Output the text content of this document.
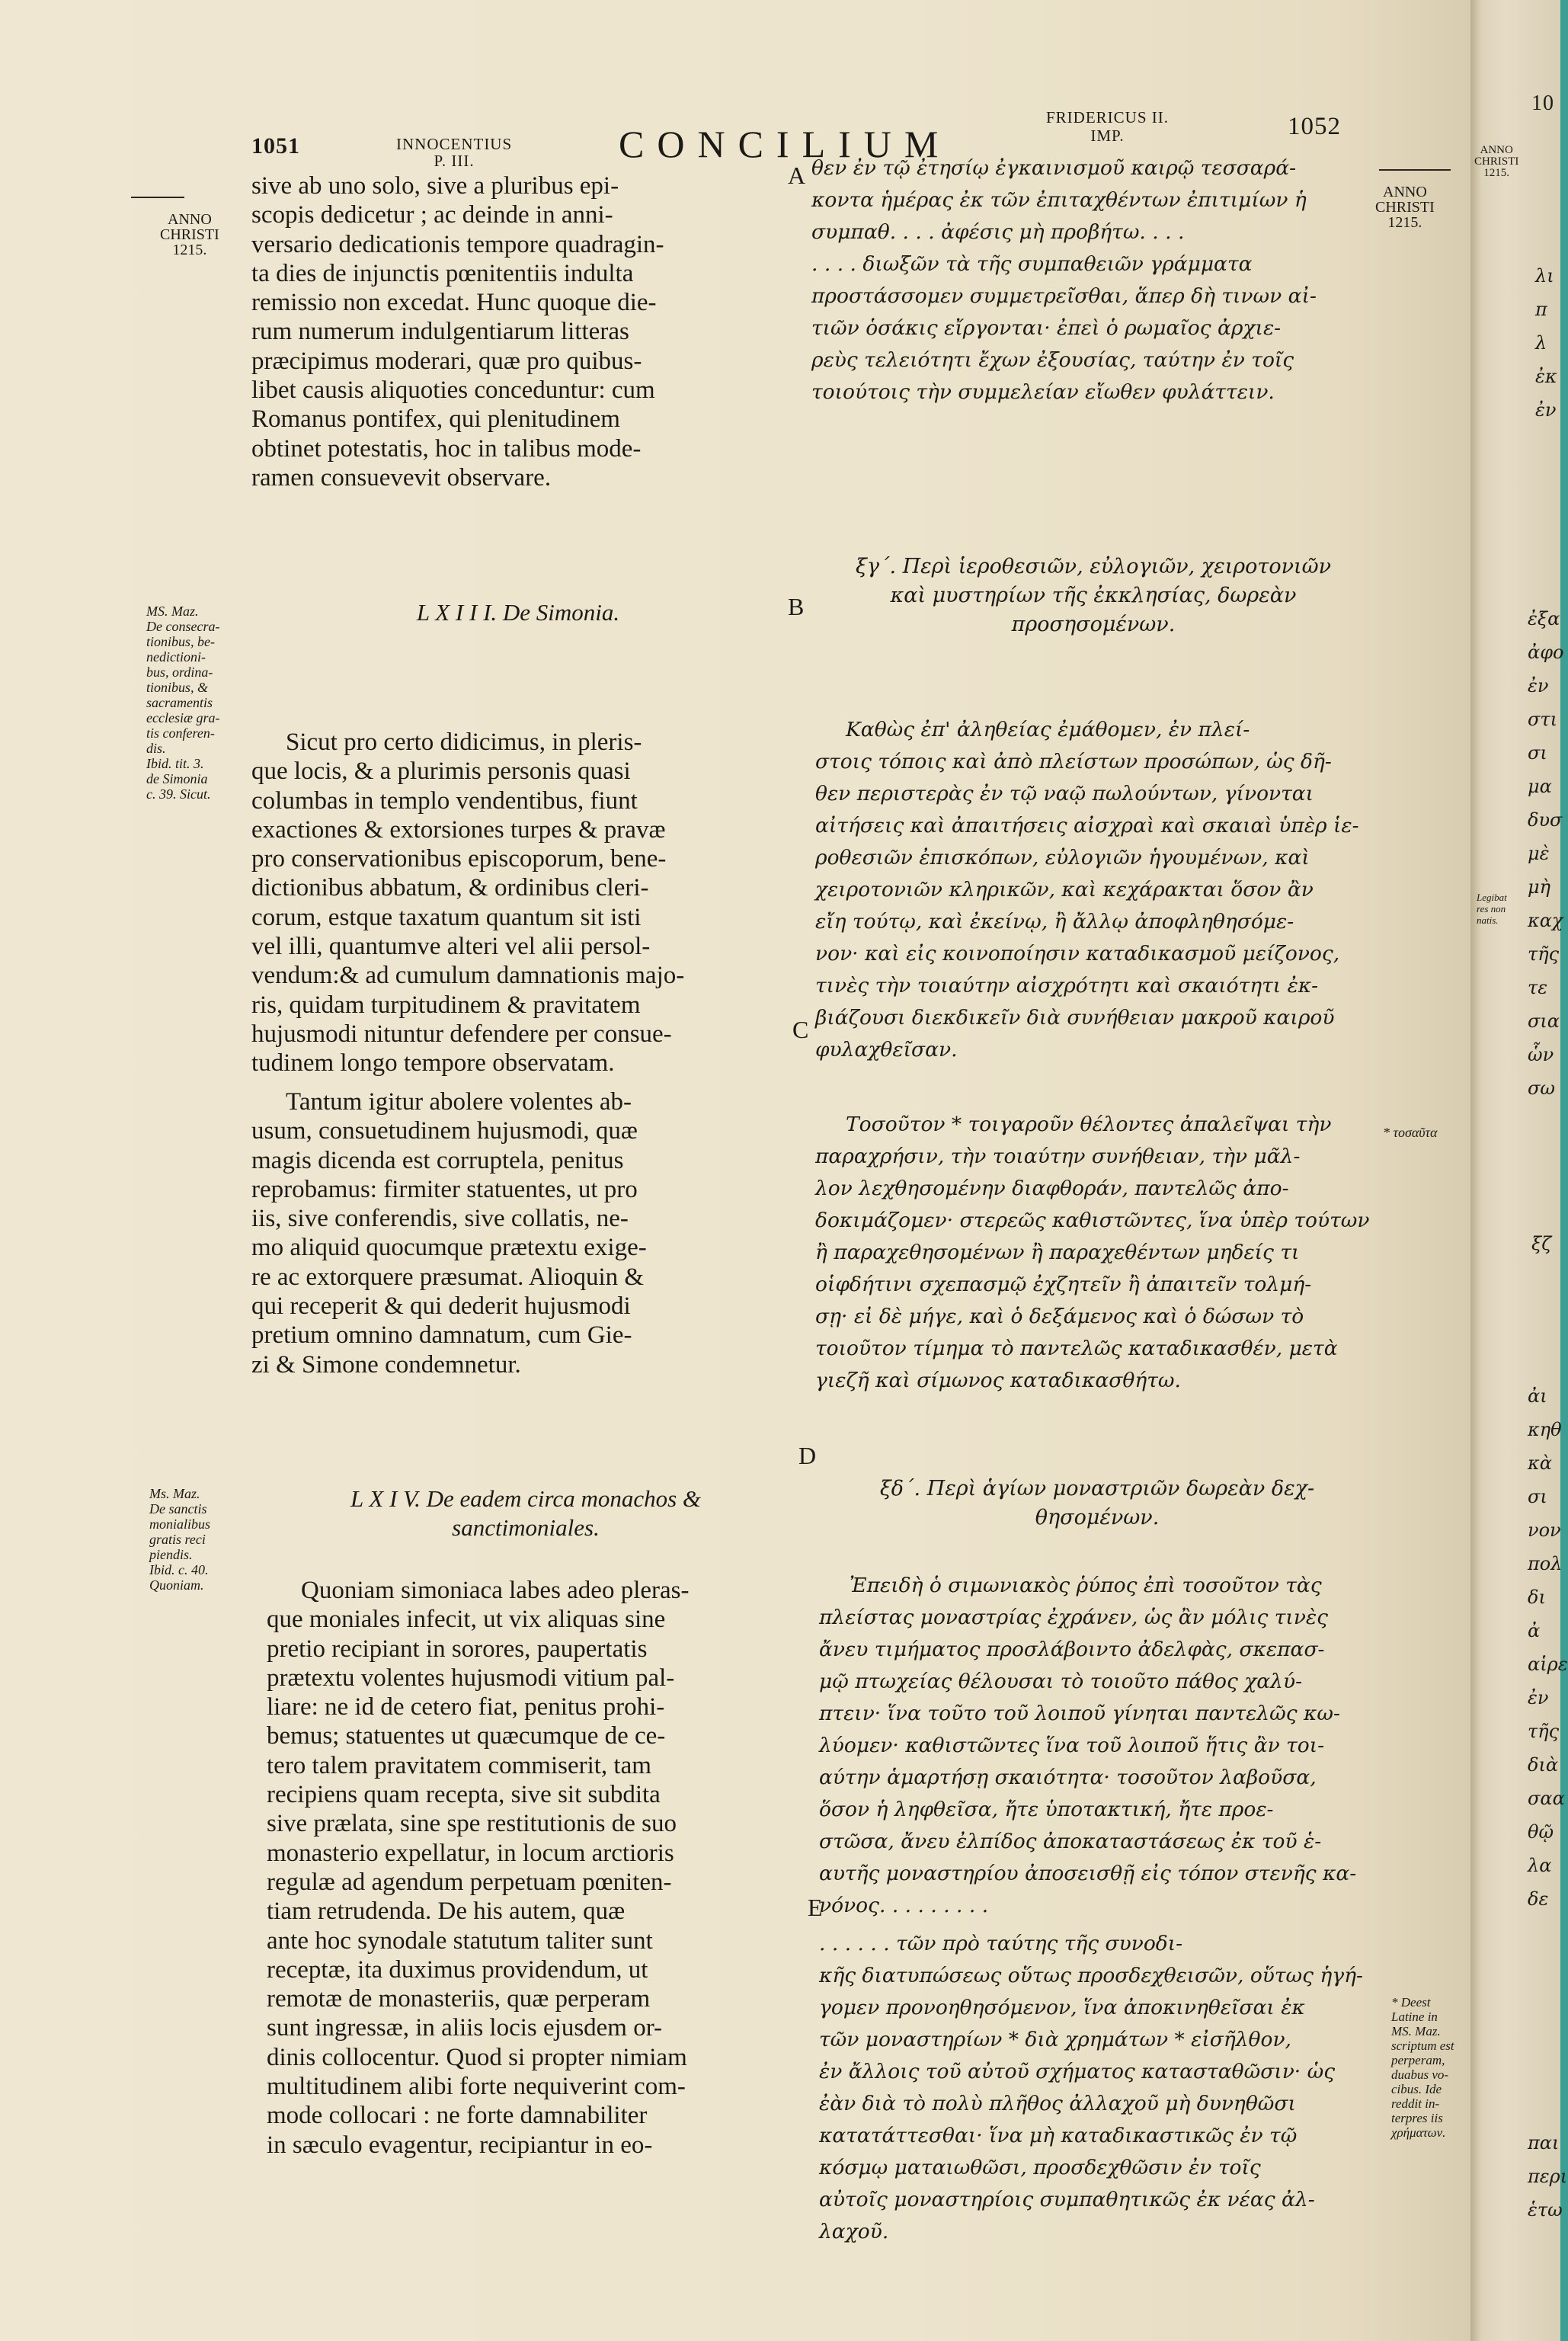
1051	INNOCENTIUS
P. III.	CONCILIUM
FRIDERICUS II.
IMP.	1052
ANNO
CHRISTI
1215.
ANNO
CHRISTI
1215.
MS. Maz.
De consecra-
tionibus, be-
nedictioni-
bus, ordina-
tionibus, &
sacramentis
ecclesiæ gra-
tis conferen-
dis.
Ibid. tit. 3.
de Simonia
c. 39. Sicut.
Ms. Maz.
De sanctis
monialibus
gratis reci
piendis.
Ibid. c. 40.
Quoniam.
* τοσαῦτα
* Deest
Latine in
MS. Maz.
scriptum est
perperam,
duabus vo-
cibus. Ide
reddit in-
terpres iis
χρήματων.
A
B
C
D
E
sive ab uno solo, sive a pluribus epi-
scopis dedicetur ; ac deinde in anni-
versario dedicationis tempore quadragin-
ta dies de injunctis pœnitentiis indulta
remissio non excedat. Hunc quoque die-
rum numerum indulgentiarum litteras
præcipimus moderari, quæ pro quibus-
libet causis aliquoties conceduntur: cum
Romanus pontifex, qui plenitudinem
obtinet potestatis, hoc in talibus mode-
ramen consuevevit observare.
L X I I I. De Simonia.
Sicut pro certo didicimus, in pleris-
que locis, & a plurimis personis quasi
columbas in templo vendentibus, fiunt
exactiones & extorsiones turpes & pravæ
pro conservationibus episcoporum, bene-
dictionibus abbatum, & ordinibus cleri-
corum, estque taxatum quantum sit isti
vel illi, quantumve alteri vel alii persol-
vendum:& ad cumulum damnationis majo-
ris, quidam turpitudinem & pravitatem
hujusmodi nituntur defendere per consue-
tudinem longo tempore observatam.
Tantum igitur abolere volentes ab-
usum, consuetudinem hujusmodi, quæ
magis dicenda est corruptela, penitus
reprobamus: firmiter statuentes, ut pro
iis, sive conferendis, sive collatis, ne-
mo aliquid quocumque prætextu exige-
re ac extorquere præsumat. Alioquin &
qui receperit & qui dederit hujusmodi
pretium omnino damnatum, cum Gie-
zi & Simone condemnetur.
L X I V. De eadem circa monachos &
sanctimoniales.
Quoniam simoniaca labes adeo pleras-
que moniales infecit, ut vix aliquas sine
pretio recipiant in sorores, paupertatis
prætextu volentes hujusmodi vitium pal-
liare: ne id de cetero fiat, penitus prohi-
bemus; statuentes ut quæcumque de ce-
tero talem pravitatem commiserit, tam
recipiens quam recepta, sive sit subdita
sive prælata, sine spe restitutionis de suo
monasterio expellatur, in locum arctioris
regulæ ad agendum perpetuam pœniten-
tiam retrudenda. De his autem, quæ
ante hoc synodale statutum taliter sunt
receptæ, ita duximus providendum, ut
remotæ de monasteriis, quæ perperam
sunt ingressæ, in aliis locis ejusdem or-
dinis collocentur. Quod si propter nimiam
multitudinem alibi forte nequiverint com-
mode collocari : ne forte damnabiliter
in sæculo evagentur, recipiantur in eo-
θεν ἐν τῷ ἐτησίῳ ἐγκαινισμοῦ καιρῷ τεσσαρά-
κοντα ἡμέρας ἐκ τῶν ἐπιταχθέντων ἐπιτιμίων ἡ
συμπαθ. . . . ἀφέσις μὴ προβήτω. . . .
. . . . διωξῶν τὰ τῆς συμπαθειῶν γράμματα
προστάσσομεν συμμετρεῖσθαι, ἅπερ δὴ τινων αἰ-
τιῶν ὁσάκις εἴργονται· ἐπεὶ ὁ ρωμαῖος ἀρχιε-
ρεὺς τελειότητι ἔχων ἐξουσίας, ταύτην ἐν τοῖς
τοιούτοις τὴν συμμελείαν εἴωθεν φυλάττειν.
ξγ΄. Περὶ ἱεροθεσιῶν, εὐλογιῶν, χειροτονιῶν
καὶ μυστηρίων τῆς ἐκκλησίας, δωρεὰν
προσησομένων.
Καθὼς ἐπ' ἀληθείας ἐμάθομεν, ἐν πλεί-
στοις τόποις καὶ ἀπὸ πλείστων προσώπων, ὡς δῆ-
θεν περιστερὰς ἐν τῷ ναῷ πωλούντων, γίνονται
αἰτήσεις καὶ ἀπαιτήσεις αἰσχραὶ καὶ σκαιαὶ ὑπὲρ ἱε-
ροθεσιῶν ἐπισκόπων, εὐλογιῶν ἡγουμένων, καὶ
χειροτονιῶν κληρικῶν, καὶ κεχάρακται ὅσον ἂν
εἴη τούτῳ, καὶ ἐκείνῳ, ἢ ἄλλῳ ἀποφληθησόμε-
νον· καὶ εἰς κοινοποίησιν καταδικασμοῦ μείζονος,
τινὲς τὴν τοιαύτην αἰσχρότητι καὶ σκαιότητι ἐκ-
βιάζουσι διεκδικεῖν διὰ συνήθειαν μακροῦ καιροῦ
φυλαχθεῖσαν.
Τοσοῦτον * τοιγαροῦν θέλοντες ἀπαλεῖψαι τὴν
παραχρήσιν, τὴν τοιαύτην συνήθειαν, τὴν μᾶλ-
λον λεχθησομένην διαφθοράν, παντελῶς ἀπο-
δοκιμάζομεν· στερεῶς καθιστῶντες, ἵνα ὑπὲρ τούτων
ἢ παραχεθησομένων ἢ παραχεθέντων μηδείς τι
οἱφδήτινι σχεπασμῷ ἐχζητεῖν ἢ ἀπαιτεῖν τολμή-
σῃ· εἰ δὲ μήγε, καὶ ὁ δεξάμενος καὶ ὁ δώσων τὸ
τοιοῦτον τίμημα τὸ παντελῶς καταδικασθέν, μετὰ
γιεζῆ καὶ σίμωνος καταδικασθήτω.
ξδ΄. Περὶ ἁγίων μοναστριῶν δωρεὰν δεχ-
θησομένων.
Ἐπειδὴ ὁ σιμωνιακὸς ῥύπος ἐπὶ τοσοῦτον τὰς
πλείστας μοναστρίας ἐχράνεν, ὡς ἂν μόλις τινὲς
ἄνευ τιμήματος προσλάβοιντο ἀδελφὰς, σκεπασ-
μῷ πτωχείας θέλουσαι τὸ τοιοῦτο πάθος χαλύ-
πτειν· ἵνα τοῦτο τοῦ λοιποῦ γίνηται παντελῶς κω-
λύομεν· καθιστῶντες ἵνα τοῦ λοιποῦ ἥτις ἂν τοι-
αύτην ἁμαρτήσῃ σκαιότητα· τοσοῦτον λαβοῦσα,
ὅσον ἡ ληφθεῖσα, ἤτε ὑποτακτική, ἤτε προε-
στῶσα, ἄνευ ἐλπίδος ἀποκαταστάσεως ἐκ τοῦ ἑ-
αυτῆς μοναστηρίου ἀποσεισθῇ εἰς τόπον στενῆς κα-
νόνος. . . . . . . . .
. . . . . . τῶν πρὸ ταύτης τῆς συνοδι-
κῆς διατυπώσεως οὕτως προσδεχθεισῶν, οὕτως ἡγή-
γομεν προνοηθησόμενον, ἵνα ἀποκινηθεῖσαι ἐκ
τῶν μοναστηρίων * διὰ χρημάτων * εἰσῆλθον,
ἐν ἄλλοις τοῦ αὐτοῦ σχήματος κατασταθῶσιν· ὡς
ἐὰν διὰ τὸ πολὺ πλῆθος ἀλλαχοῦ μὴ δυνηθῶσι
κατατάττεσθαι· ἵνα μὴ καταδικαστικῶς ἐν τῷ
κόσμῳ ματαιωθῶσι, προσδεχθῶσιν ἐν τοῖς
αὐτοῖς μοναστηρίοις συμπαθητικῶς ἐκ νέας ἀλ-
λαχοῦ.
10
ANNO
CHRISTI
1215.
λι
π
λ
ἐκ
ἐν
ἐξα
ἀφο
ἐν
στι
σι
μα
δυσ
μὲ
μὴ
καχ
τῆς
τε
σια
ὧν
σω
Legibat
res non
natis.
ξζ
ἀι
κηθ
κὰ
σι
νον
πολ
δι
ἀ
αἱρε
ἐν
τῆς
διὰ
σαα
θῷ
λα
δε
παι
περι
ἑτω
